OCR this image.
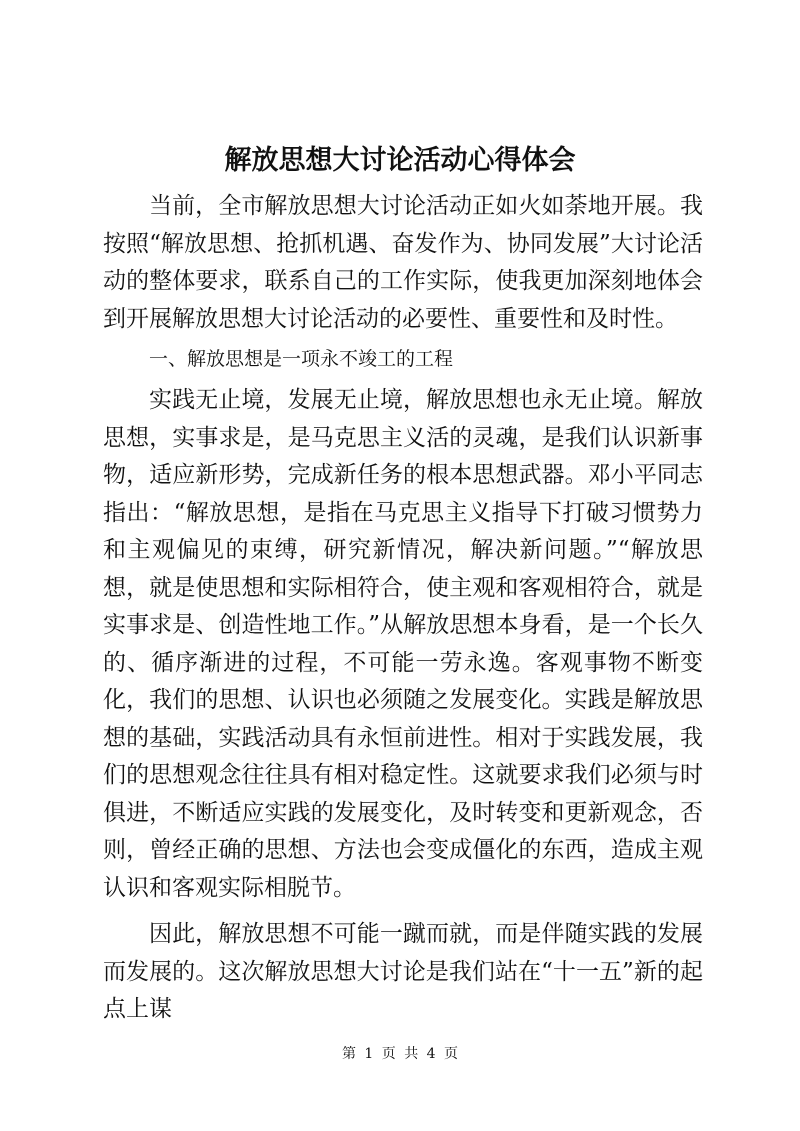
解放思想大讨论活动心得体会

当前，全市解放思想大讨论活动正如火如荼地开展。我按照“解放思想、抢抓机遇、奋发作为、协同发展”大讨论活动的整体要求，联系自己的工作实际，使我更加深刻地体会到开展解放思想大讨论活动的必要性、重要性和及时性。

一、解放思想是一项永不竣工的工程

实践无止境，发展无止境，解放思想也永无止境。解放思想，实事求是，是马克思主义活的灵魂，是我们认识新事物，适应新形势，完成新任务的根本思想武器。邓小平同志指出：“解放思想，是指在马克思主义指导下打破习惯势力和主观偏见的束缚，研究新情况，解决新问题。”“解放思想，就是使思想和实际相符合，使主观和客观相符合，就是实事求是、创造性地工作。”从解放思想本身看，是一个长久的、循序渐进的过程，不可能一劳永逸。客观事物不断变化，我们的思想、认识也必须随之发展变化。实践是解放思想的基础，实践活动具有永恒前进性。相对于实践发展，我们的思想观念往往具有相对稳定性。这就要求我们必须与时俱进，不断适应实践的发展变化，及时转变和更新观念，否则，曾经正确的思想、方法也会变成僵化的东西，造成主观认识和客观实际相脱节。

因此，解放思想不可能一蹴而就，而是伴随实践的发展而发展的。这次解放思想大讨论是我们站在“十一五”新的起点上谋

第 1 页 共 4 页
